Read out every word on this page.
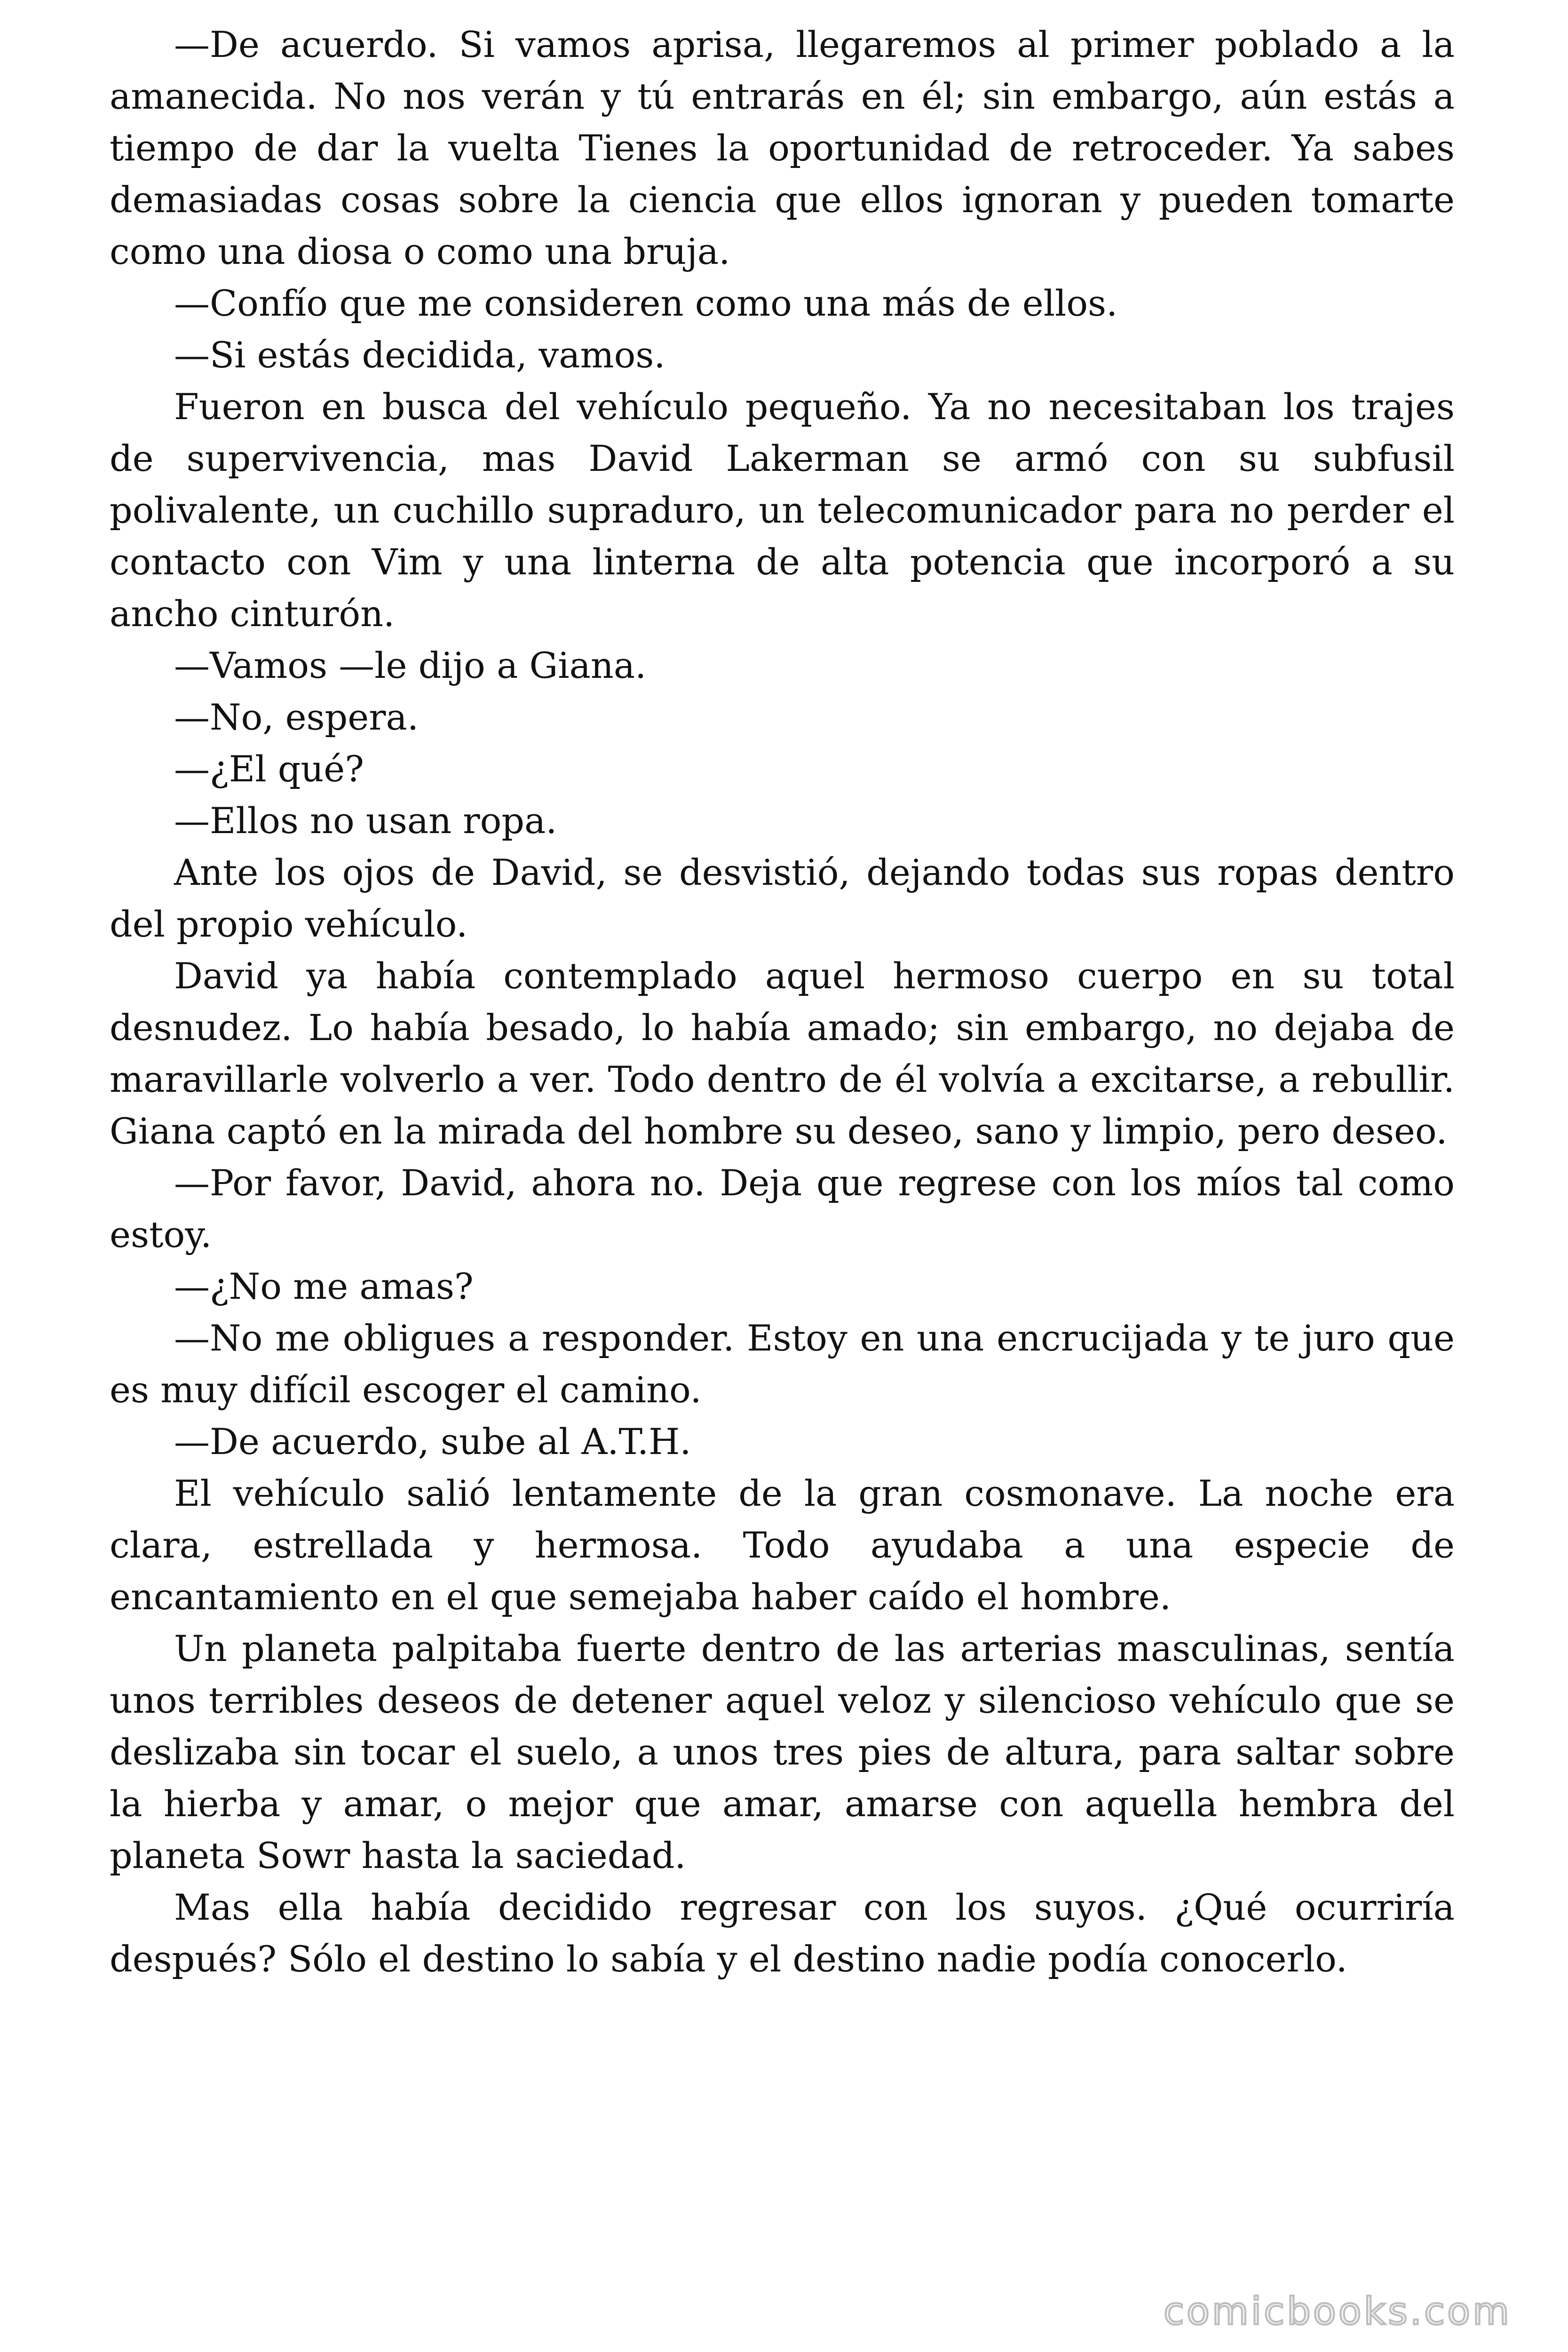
—De acuerdo. Si vamos aprisa, llegaremos al primer poblado a la amanecida. No nos verán y tú entrarás en él; sin embargo, aún estás a tiempo de dar la vuelta Tienes la oportunidad de retroceder. Ya sabes demasiadas cosas sobre la ciencia que ellos ignoran y pueden tomarte como una diosa o como una bruja.

—Confío que me consideren como una más de ellos.

—Si estás decidida, vamos.

Fueron en busca del vehículo pequeño. Ya no necesitaban los trajes de supervivencia, mas David Lakerman se armó con su subfusil polivalente, un cuchillo supraduro, un telecomunicador para no perder el contacto con Vim y una linterna de alta potencia que incorporó a su ancho cinturón.

—Vamos —le dijo a Giana.

—No, espera.

—¿El qué?

—Ellos no usan ropa.

Ante los ojos de David, se desvistió, dejando todas sus ropas dentro del propio vehículo.

David ya había contemplado aquel hermoso cuerpo en su total desnudez. Lo había besado, lo había amado; sin embargo, no dejaba de maravillarle volverlo a ver. Todo dentro de él volvía a excitarse, a rebullir. Giana captó en la mirada del hombre su deseo, sano y limpio, pero deseo.

—Por favor, David, ahora no. Deja que regrese con los míos tal como estoy.

—¿No me amas?

—No me obligues a responder. Estoy en una encrucijada y te juro que es muy difícil escoger el camino.

—De acuerdo, sube al A.T.H.

El vehículo salió lentamente de la gran cosmonave. La noche era clara, estrellada y hermosa. Todo ayudaba a una especie de encantamiento en el que semejaba haber caído el hombre.

Un planeta palpitaba fuerte dentro de las arterias masculinas, sentía unos terribles deseos de detener aquel veloz y silencioso vehículo que se deslizaba sin tocar el suelo, a unos tres pies de altura, para saltar sobre la hierba y amar, o mejor que amar, amarse con aquella hembra del planeta Sowr hasta la saciedad.

Mas ella había decidido regresar con los suyos. ¿Qué ocurriría después? Sólo el destino lo sabía y el destino nadie podía conocerlo.

comicbooks.com
